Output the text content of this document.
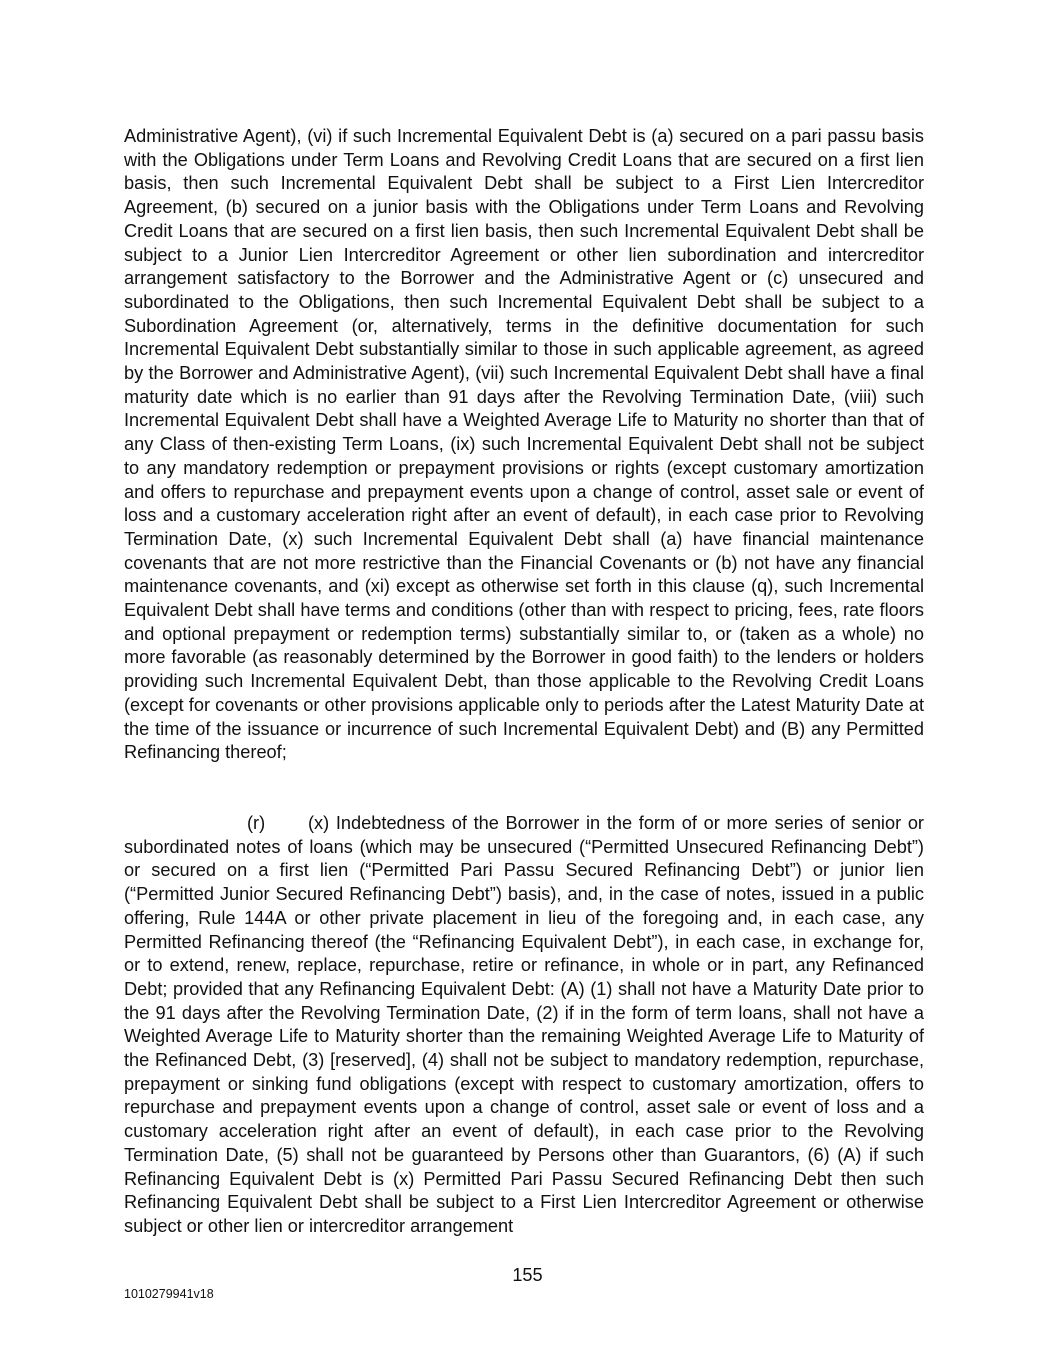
Administrative Agent), (vi) if such Incremental Equivalent Debt is (a) secured on a pari passu basis with the Obligations under Term Loans and Revolving Credit Loans that are secured on a first lien basis, then such Incremental Equivalent Debt shall be subject to a First Lien Intercreditor Agreement, (b) secured on a junior basis with the Obligations under Term Loans and Revolving Credit Loans that are secured on a first lien basis, then such Incremental Equivalent Debt shall be subject to a Junior Lien Intercreditor Agreement or other lien subordination and intercreditor arrangement satisfactory to the Borrower and the Administrative Agent or (c) unsecured and subordinated to the Obligations, then such Incremental Equivalent Debt shall be subject to a Subordination Agreement (or, alternatively, terms in the definitive documentation for such Incremental Equivalent Debt substantially similar to those in such applicable agreement, as agreed by the Borrower and Administrative Agent), (vii) such Incremental Equivalent Debt shall have a final maturity date which is no earlier than 91 days after the Revolving Termination Date, (viii) such Incremental Equivalent Debt shall have a Weighted Average Life to Maturity no shorter than that of any Class of then-existing Term Loans, (ix) such Incremental Equivalent Debt shall not be subject to any mandatory redemption or prepayment provisions or rights (except customary amortization and offers to repurchase and prepayment events upon a change of control, asset sale or event of loss and a customary acceleration right after an event of default), in each case prior to Revolving Termination Date, (x) such Incremental Equivalent Debt shall (a) have financial maintenance covenants that are not more restrictive than the Financial Covenants or (b) not have any financial maintenance covenants, and (xi) except as otherwise set forth in this clause (q), such Incremental Equivalent Debt shall have terms and conditions (other than with respect to pricing, fees, rate floors and optional prepayment or redemption terms) substantially similar to, or (taken as a whole) no more favorable (as reasonably determined by the Borrower in good faith) to the lenders or holders providing such Incremental Equivalent Debt, than those applicable to the Revolving Credit Loans (except for covenants or other provisions applicable only to periods after the Latest Maturity Date at the time of the issuance or incurrence of such Incremental Equivalent Debt) and (B) any Permitted Refinancing thereof;

(r) (x) Indebtedness of the Borrower in the form of or more series of senior or subordinated notes of loans (which may be unsecured (“Permitted Unsecured Refinancing Debt”) or secured on a first lien (“Permitted Pari Passu Secured Refinancing Debt”) or junior lien (“Permitted Junior Secured Refinancing Debt”) basis), and, in the case of notes, issued in a public offering, Rule 144A or other private placement in lieu of the foregoing and, in each case, any Permitted Refinancing thereof (the “Refinancing Equivalent Debt”), in each case, in exchange for, or to extend, renew, replace, repurchase, retire or refinance, in whole or in part, any Refinanced Debt; provided that any Refinancing Equivalent Debt: (A) (1) shall not have a Maturity Date prior to the 91 days after the Revolving Termination Date, (2) if in the form of term loans, shall not have a Weighted Average Life to Maturity shorter than the remaining Weighted Average Life to Maturity of the Refinanced Debt, (3) [reserved], (4) shall not be subject to mandatory redemption, repurchase, prepayment or sinking fund obligations (except with respect to customary amortization, offers to repurchase and prepayment events upon a change of control, asset sale or event of loss and a customary acceleration right after an event of default), in each case prior to the Revolving Termination Date, (5) shall not be guaranteed by Persons other than Guarantors, (6) (A) if such Refinancing Equivalent Debt is (x) Permitted Pari Passu Secured Refinancing Debt then such Refinancing Equivalent Debt shall be subject to a First Lien Intercreditor Agreement or otherwise subject or other lien or intercreditor arrangement

155

1010279941v18
